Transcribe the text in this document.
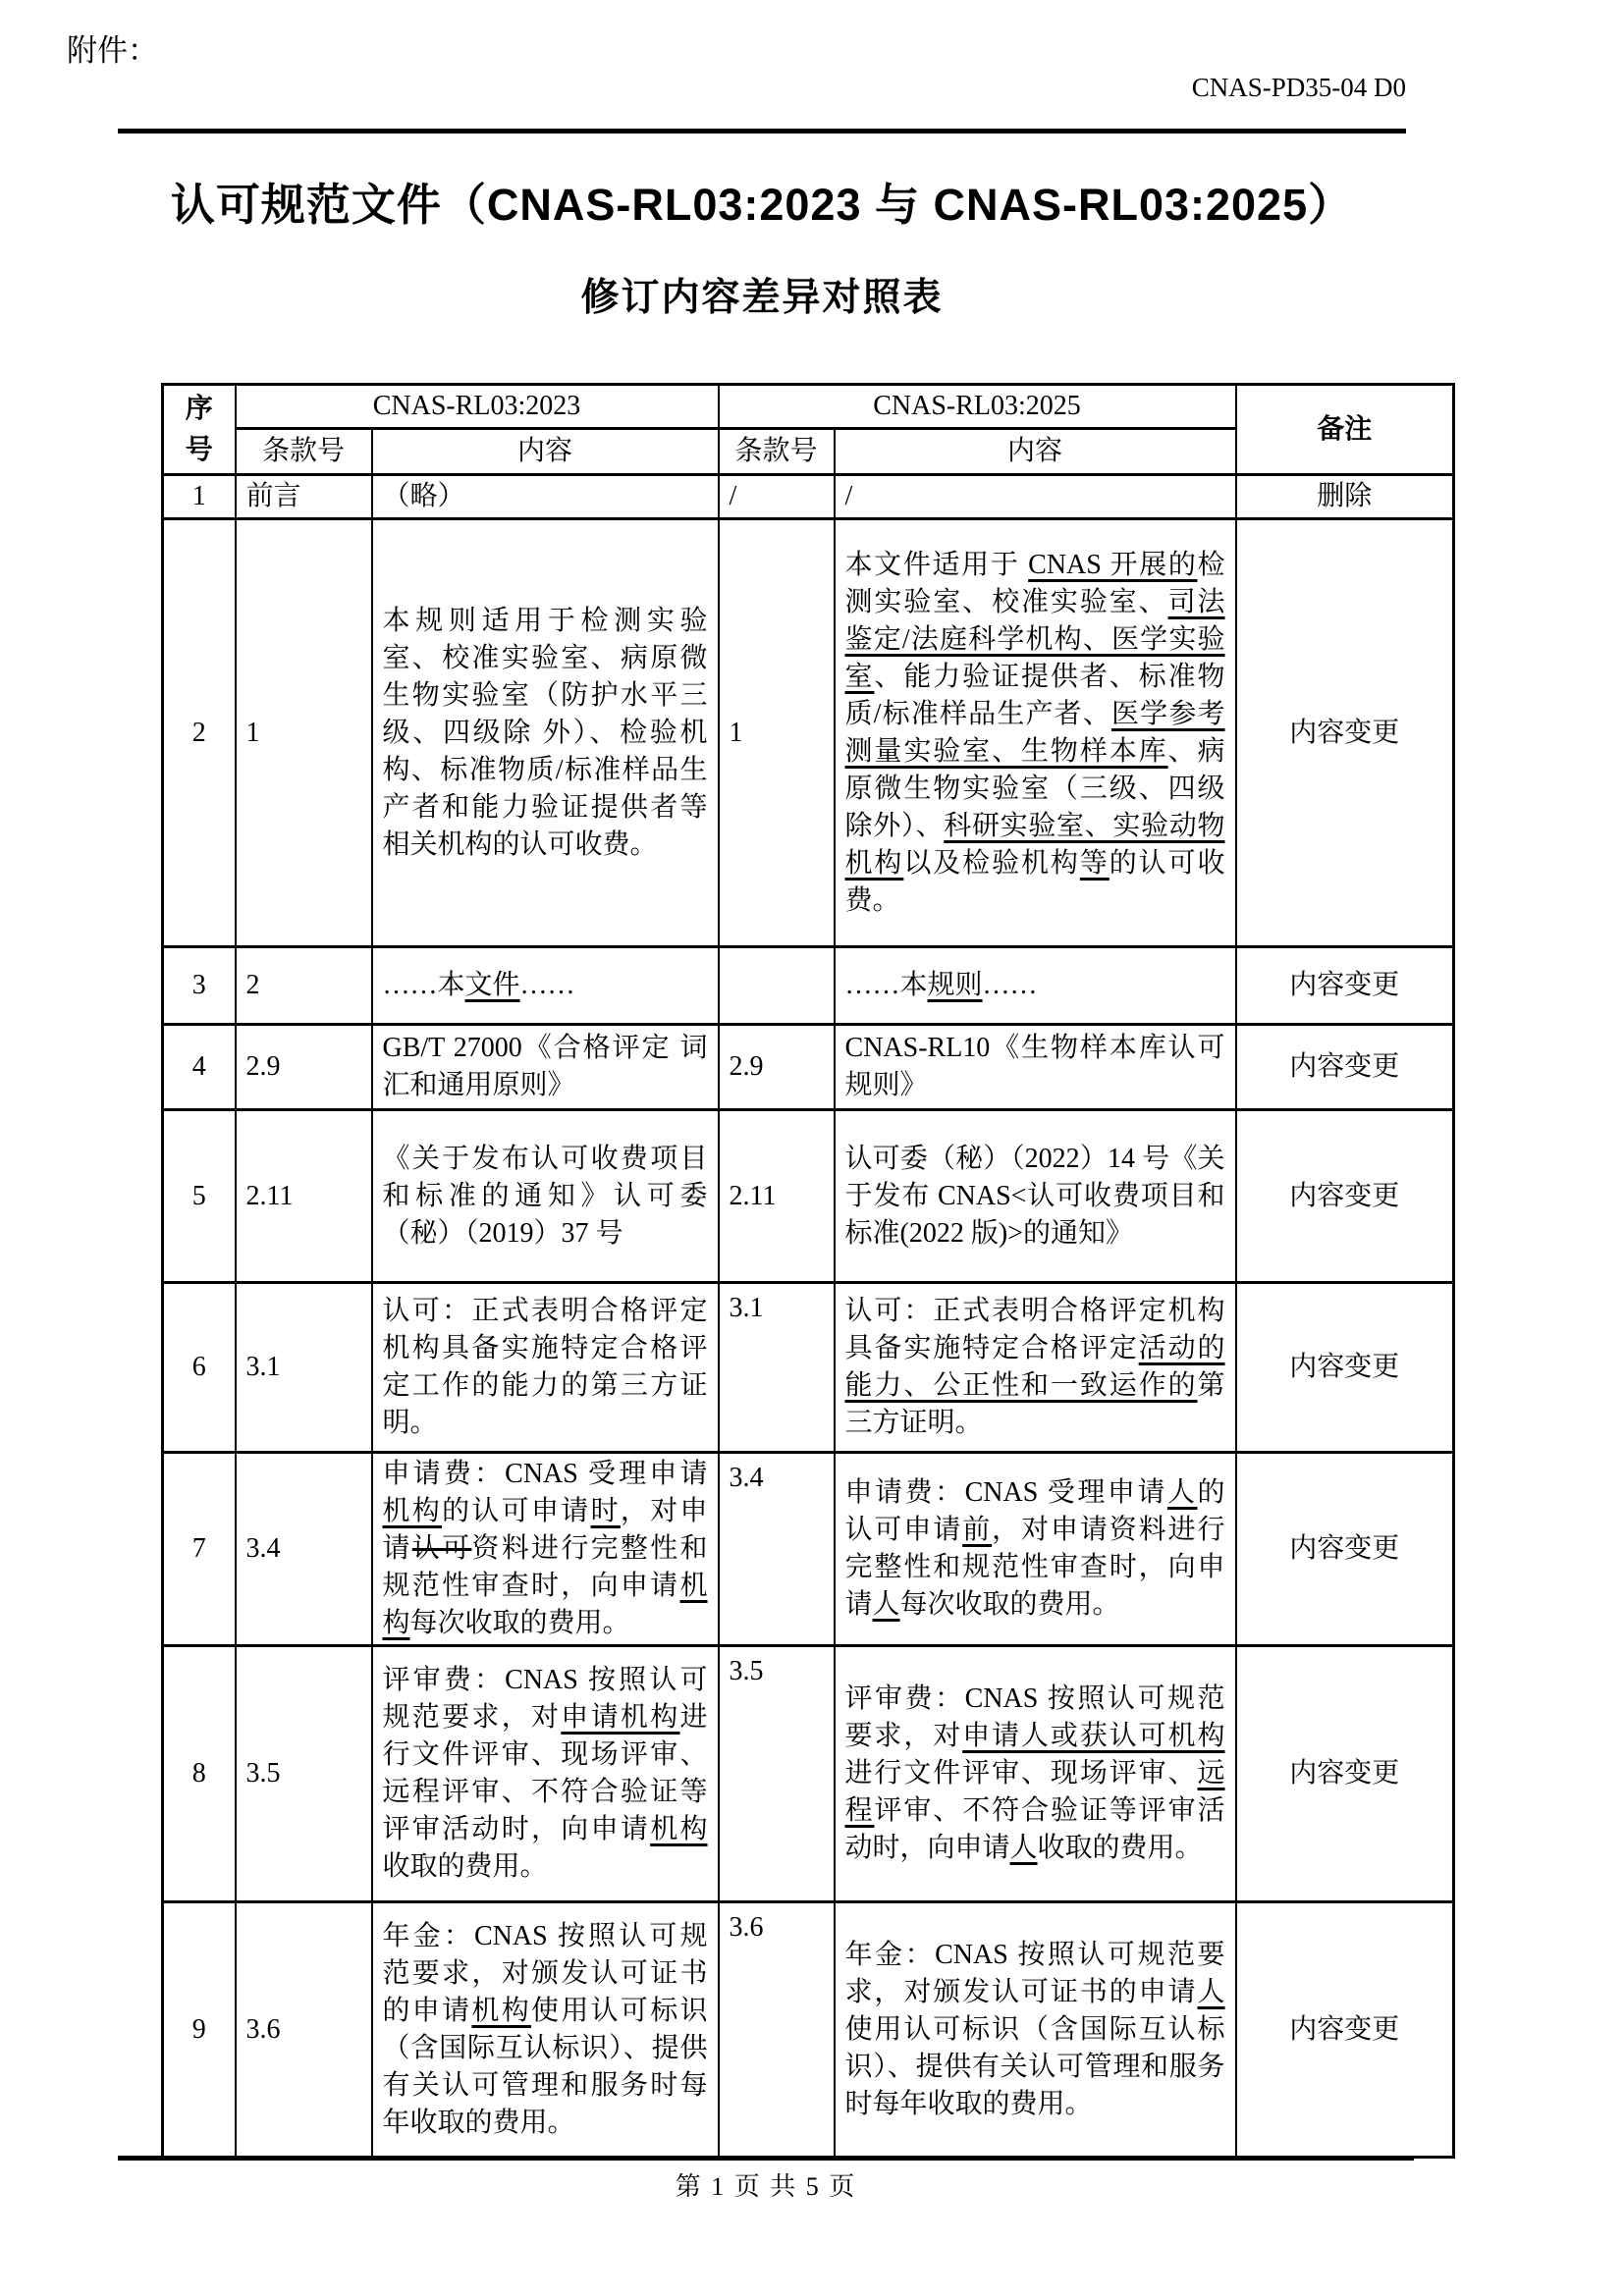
附件：
CNAS-PD35-04 D0
认可规范文件（CNAS-RL03:2023 与 CNAS-RL03:2025）
修订内容差异对照表
序
号	CNAS-RL03:2023		CNAS-RL03:2025		备注
	条款号	内容	条款号	内容	
1	前言	（略）	/	/	删除
2	1	本规则适用于检测实验室、校准实验室、病原微生物实验室（防护水平三级、四级除 外）、检验机构、标准物质/标准样品生产者和能力验证提供者等相关机构的认可收费。	1	本文件适用于 CNAS 开展的检测实验室、校准实验室、司法鉴定/法庭科学机构、医学实验室、能力验证提供者、标准物质/标准样品生产者、医学参考测量实验室、生物样本库、病原微生物实验室（三级、四级除外）、科研实验室、实验动物机构以及检验机构等的认可收费。	内容变更
3	2	……本文件……		……本规则……	内容变更
4	2.9	GB/T 27000《合格评定 词汇和通用原则》	2.9	CNAS-RL10《生物样本库认可规则》	内容变更
5	2.11	《关于发布认可收费项目和标准的通知》认可委（秘）（2019）37 号	2.11	认可委（秘）（2022）14 号《关于发布 CNAS<认可收费项目和标准(2022 版)>的通知》	内容变更
6	3.1	认可：正式表明合格评定机构具备实施特定合格评定工作的能力的第三方证明。	3.1	认可：正式表明合格评定机构具备实施特定合格评定活动的能力、公正性和一致运作的第三方证明。	内容变更
7	3.4	申请费：CNAS 受理申请机构的认可申请时，对申请认可资料进行完整性和规范性审查时，向申请机构每次收取的费用。	3.4	申请费：CNAS 受理申请人的认可申请前，对申请资料进行完整性和规范性审查时，向申请人每次收取的费用。	内容变更
8	3.5	评审费：CNAS 按照认可规范要求，对申请机构进行文件评审、现场评审、远程评审、不符合验证等评审活动时，向申请机构收取的费用。	3.5	评审费：CNAS 按照认可规范要求，对申请人或获认可机构进行文件评审、现场评审、远程评审、不符合验证等评审活动时，向申请人收取的费用。	内容变更
9	3.6	年金：CNAS 按照认可规范要求，对颁发认可证书的申请机构使用认可标识（含国际互认标识）、提供有关认可管理和服务时每年收取的费用。	3.6	年金：CNAS 按照认可规范要求，对颁发认可证书的申请人使用认可标识（含国际互认标识）、提供有关认可管理和服务时每年收取的费用。	内容变更
第 1 页 共 5 页
